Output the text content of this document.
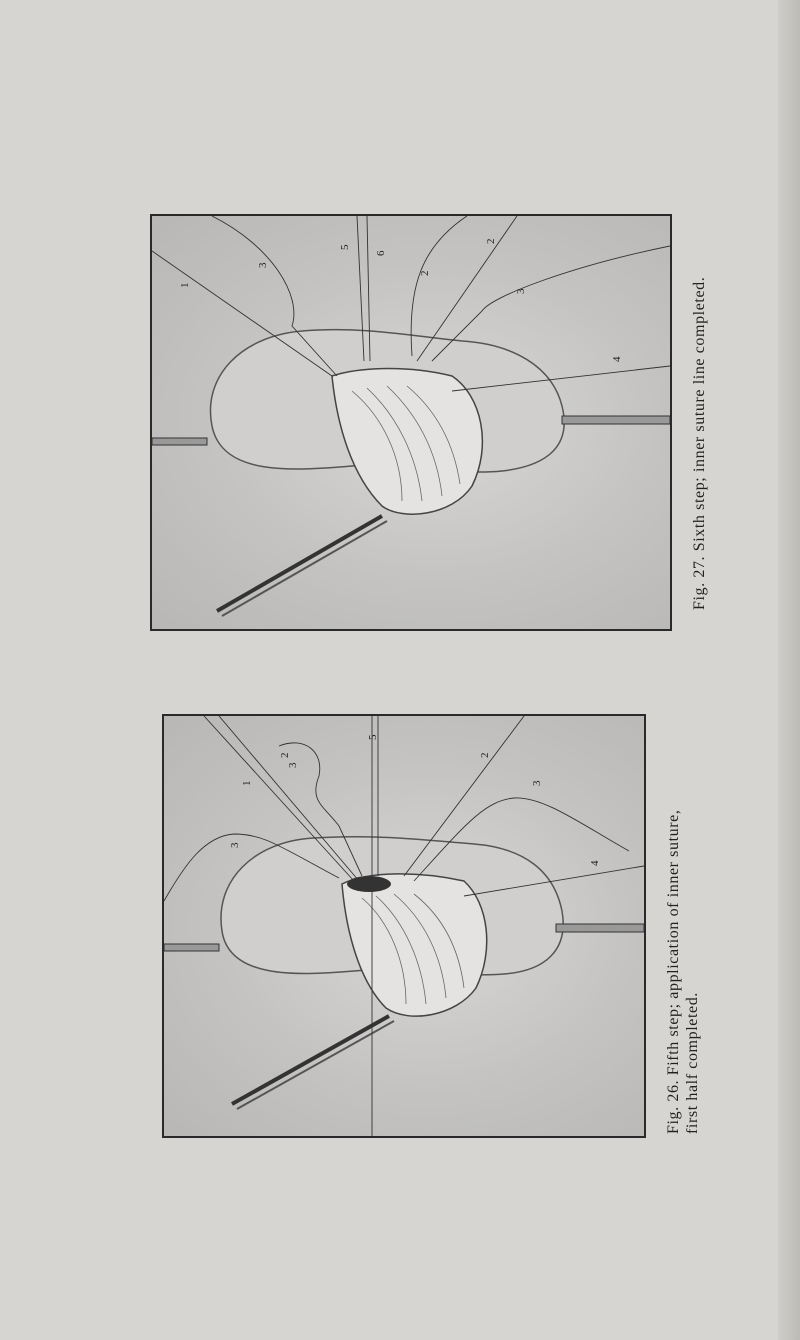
1
3
5
6
2
2
3
4
1
2
3
3
2
3
4
5
Fig. 27. Sixth step; inner suture line completed.
Fig. 26. Fifth step; application of inner suture, first half completed.
